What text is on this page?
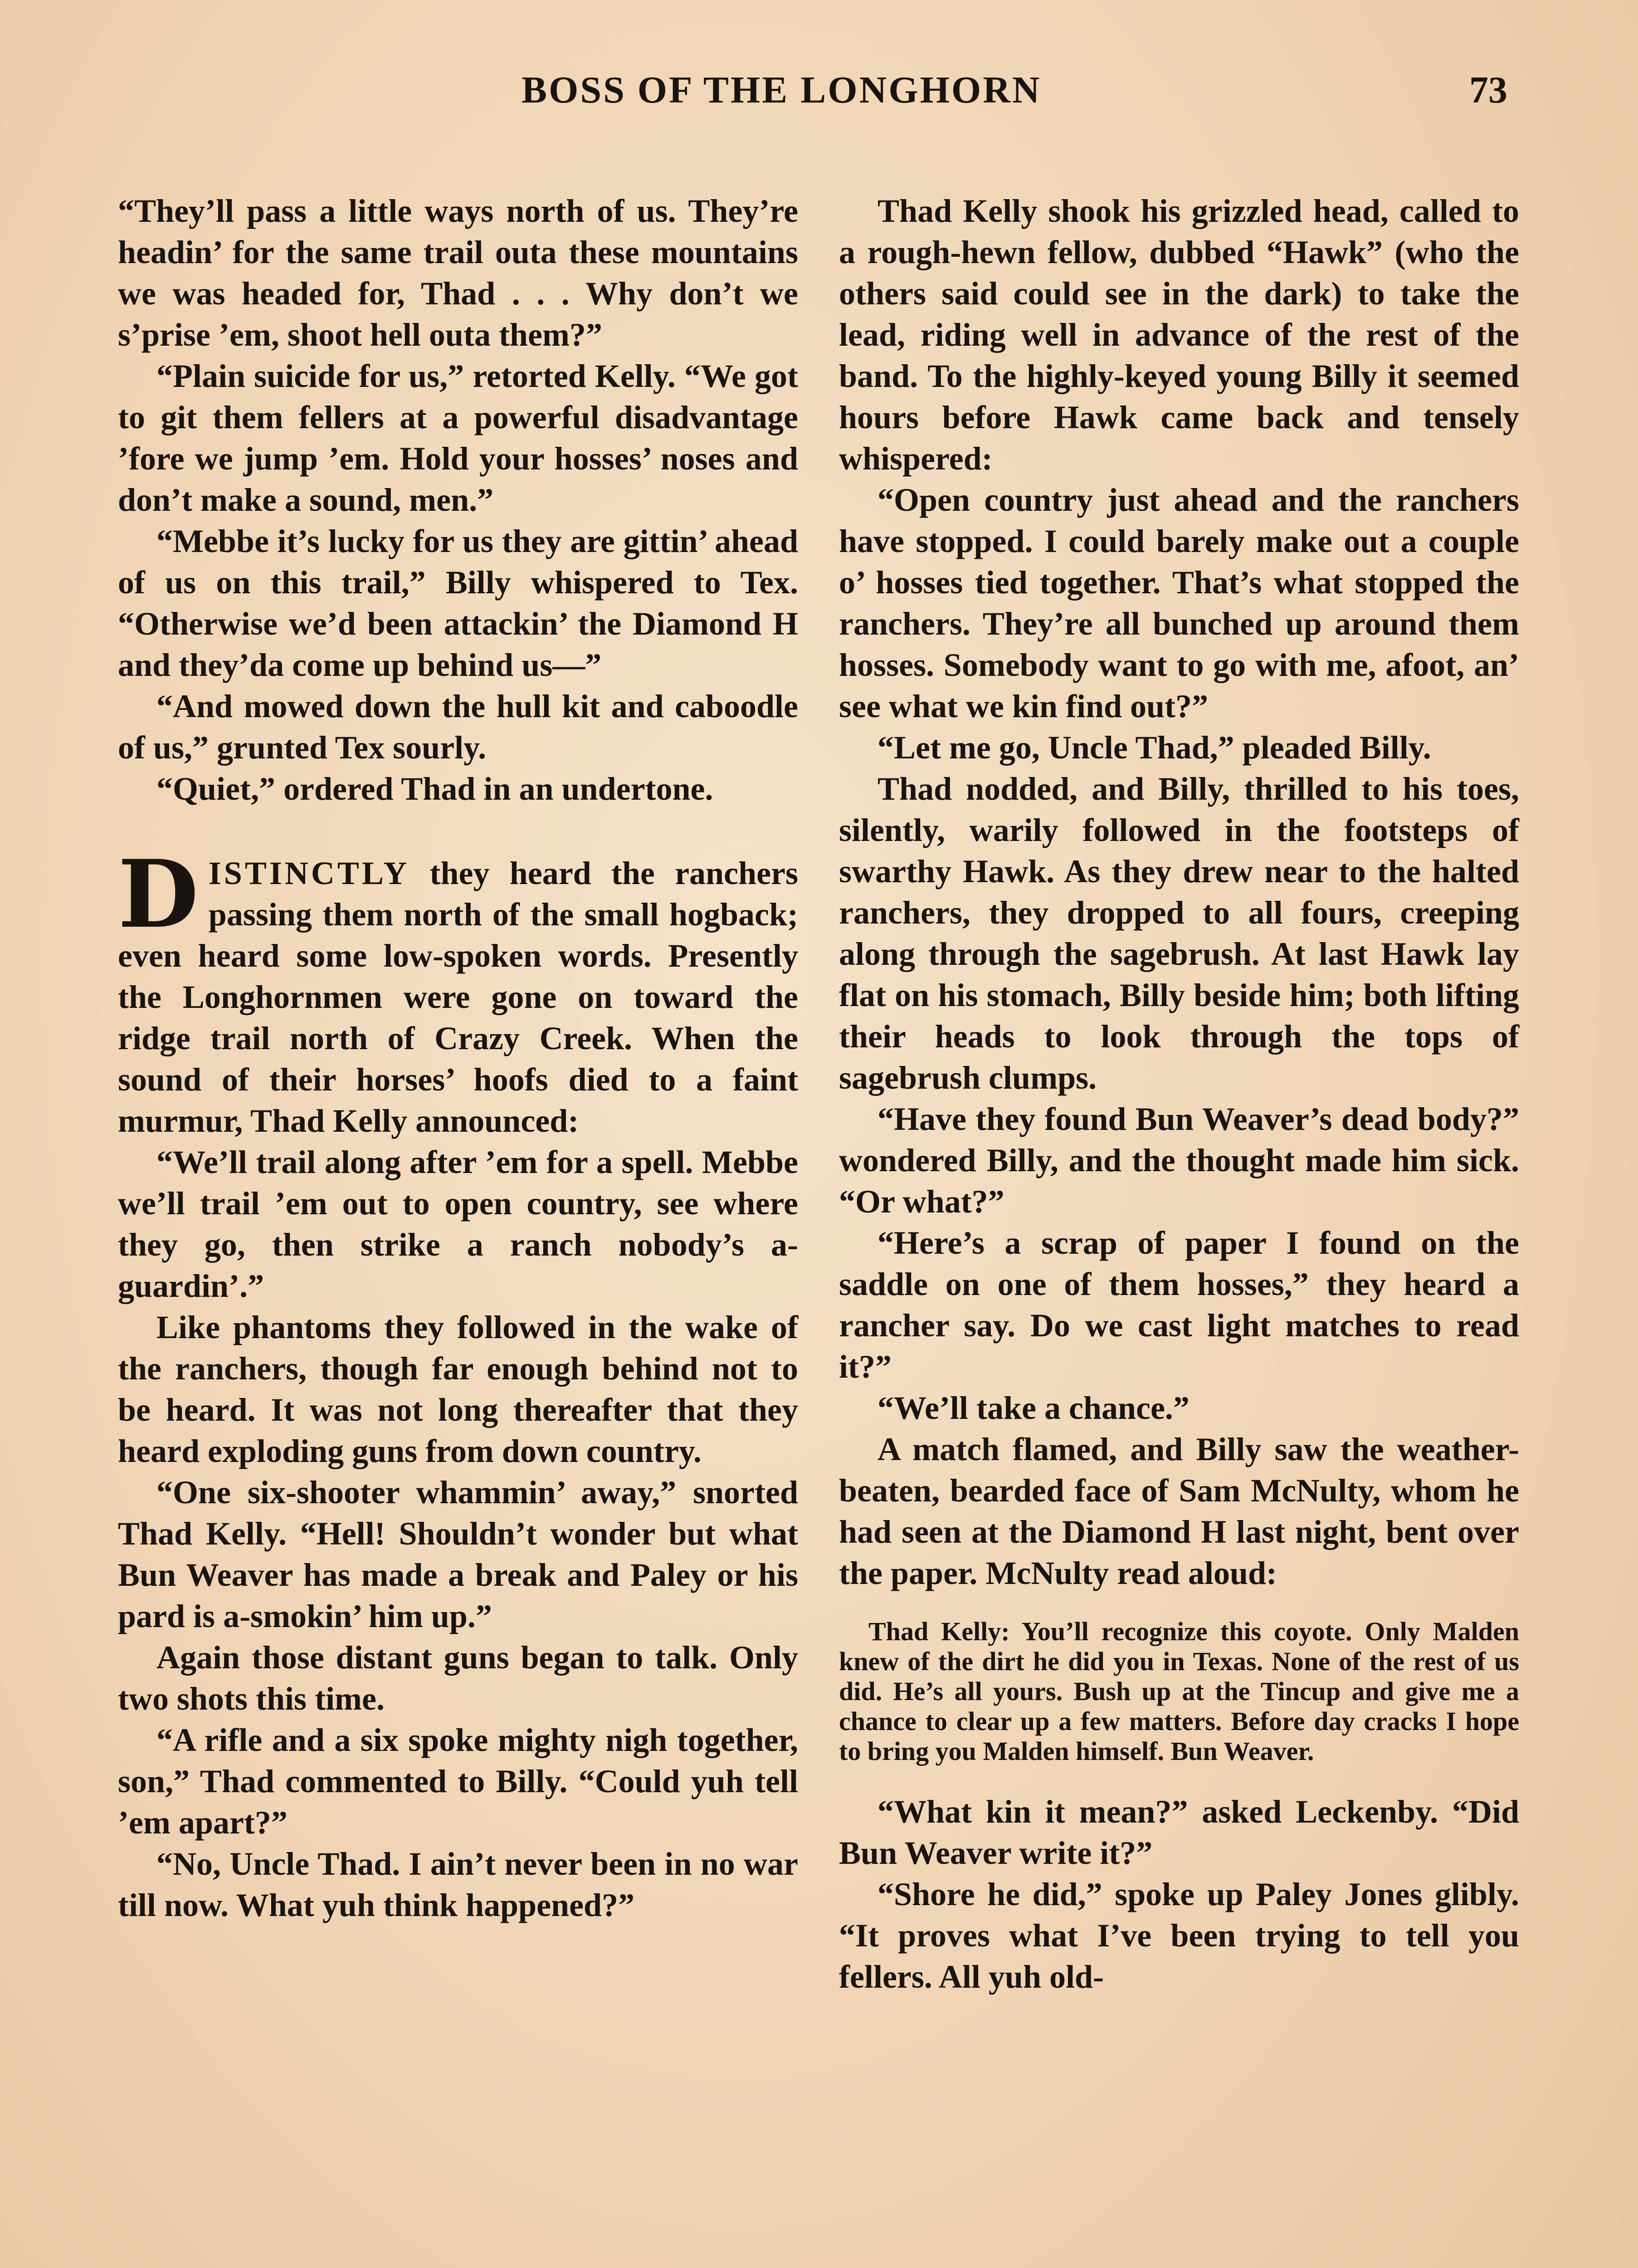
BOSS OF THE LONGHORN	73

“They’ll pass a little ways north of us. They’re headin’ for the same trail outa these mountains we was headed for, Thad . . . Why don’t we s’prise ’em, shoot hell outa them?”

“Plain suicide for us,” retorted Kelly. “We got to git them fellers at a powerful disadvantage ’fore we jump ’em. Hold your hosses’ noses and don’t make a sound, men.”

“Mebbe it’s lucky for us they are gittin’ ahead of us on this trail,” Billy whispered to Tex. “Otherwise we’d been attackin’ the Diamond H and they’da come up behind us—”

“And mowed down the hull kit and caboodle of us,” grunted Tex sourly.

“Quiet,” ordered Thad in an undertone.

DISTINCTLY they heard the ranchers passing them north of the small hogback; even heard some low-spoken words. Presently the Longhornmen were gone on toward the ridge trail north of Crazy Creek. When the sound of their horses’ hoofs died to a faint murmur, Thad Kelly announced:

“We’ll trail along after ’em for a spell. Mebbe we’ll trail ’em out to open country, see where they go, then strike a ranch nobody’s a-guardin’.”

Like phantoms they followed in the wake of the ranchers, though far enough behind not to be heard. It was not long thereafter that they heard exploding guns from down country.

“One six-shooter whammin’ away,” snorted Thad Kelly. “Hell! Shouldn’t wonder but what Bun Weaver has made a break and Paley or his pard is a-smokin’ him up.”

Again those distant guns began to talk. Only two shots this time.

“A rifle and a six spoke mighty nigh together, son,” Thad commented to Billy. “Could yuh tell ’em apart?”

“No, Uncle Thad. I ain’t never been in no war till now. What yuh think happened?”

Thad Kelly shook his grizzled head, called to a rough-hewn fellow, dubbed “Hawk” (who the others said could see in the dark) to take the lead, riding well in advance of the rest of the band. To the highly-keyed young Billy it seemed hours before Hawk came back and tensely whispered:

“Open country just ahead and the ranchers have stopped. I could barely make out a couple o’ hosses tied together. That’s what stopped the ranchers. They’re all bunched up around them hosses. Somebody want to go with me, afoot, an’ see what we kin find out?”

“Let me go, Uncle Thad,” pleaded Billy.

Thad nodded, and Billy, thrilled to his toes, silently, warily followed in the footsteps of swarthy Hawk. As they drew near to the halted ranchers, they dropped to all fours, creeping along through the sagebrush. At last Hawk lay flat on his stomach, Billy beside him; both lifting their heads to look through the tops of sagebrush clumps.

“Have they found Bun Weaver’s dead body?” wondered Billy, and the thought made him sick. “Or what?”

“Here’s a scrap of paper I found on the saddle on one of them hosses,” they heard a rancher say. Do we cast light matches to read it?”

“We’ll take a chance.”

A match flamed, and Billy saw the weather-beaten, bearded face of Sam McNulty, whom he had seen at the Diamond H last night, bent over the paper. McNulty read aloud:

Thad Kelly: You’ll recognize this coyote. Only Malden knew of the dirt he did you in Texas. None of the rest of us did. He’s all yours. Bush up at the Tincup and give me a chance to clear up a few matters. Before day cracks I hope to bring you Malden himself. Bun Weaver.

“What kin it mean?” asked Leckenby. “Did Bun Weaver write it?”

“Shore he did,” spoke up Paley Jones glibly. “It proves what I’ve been trying to tell you fellers. All yuh old-
